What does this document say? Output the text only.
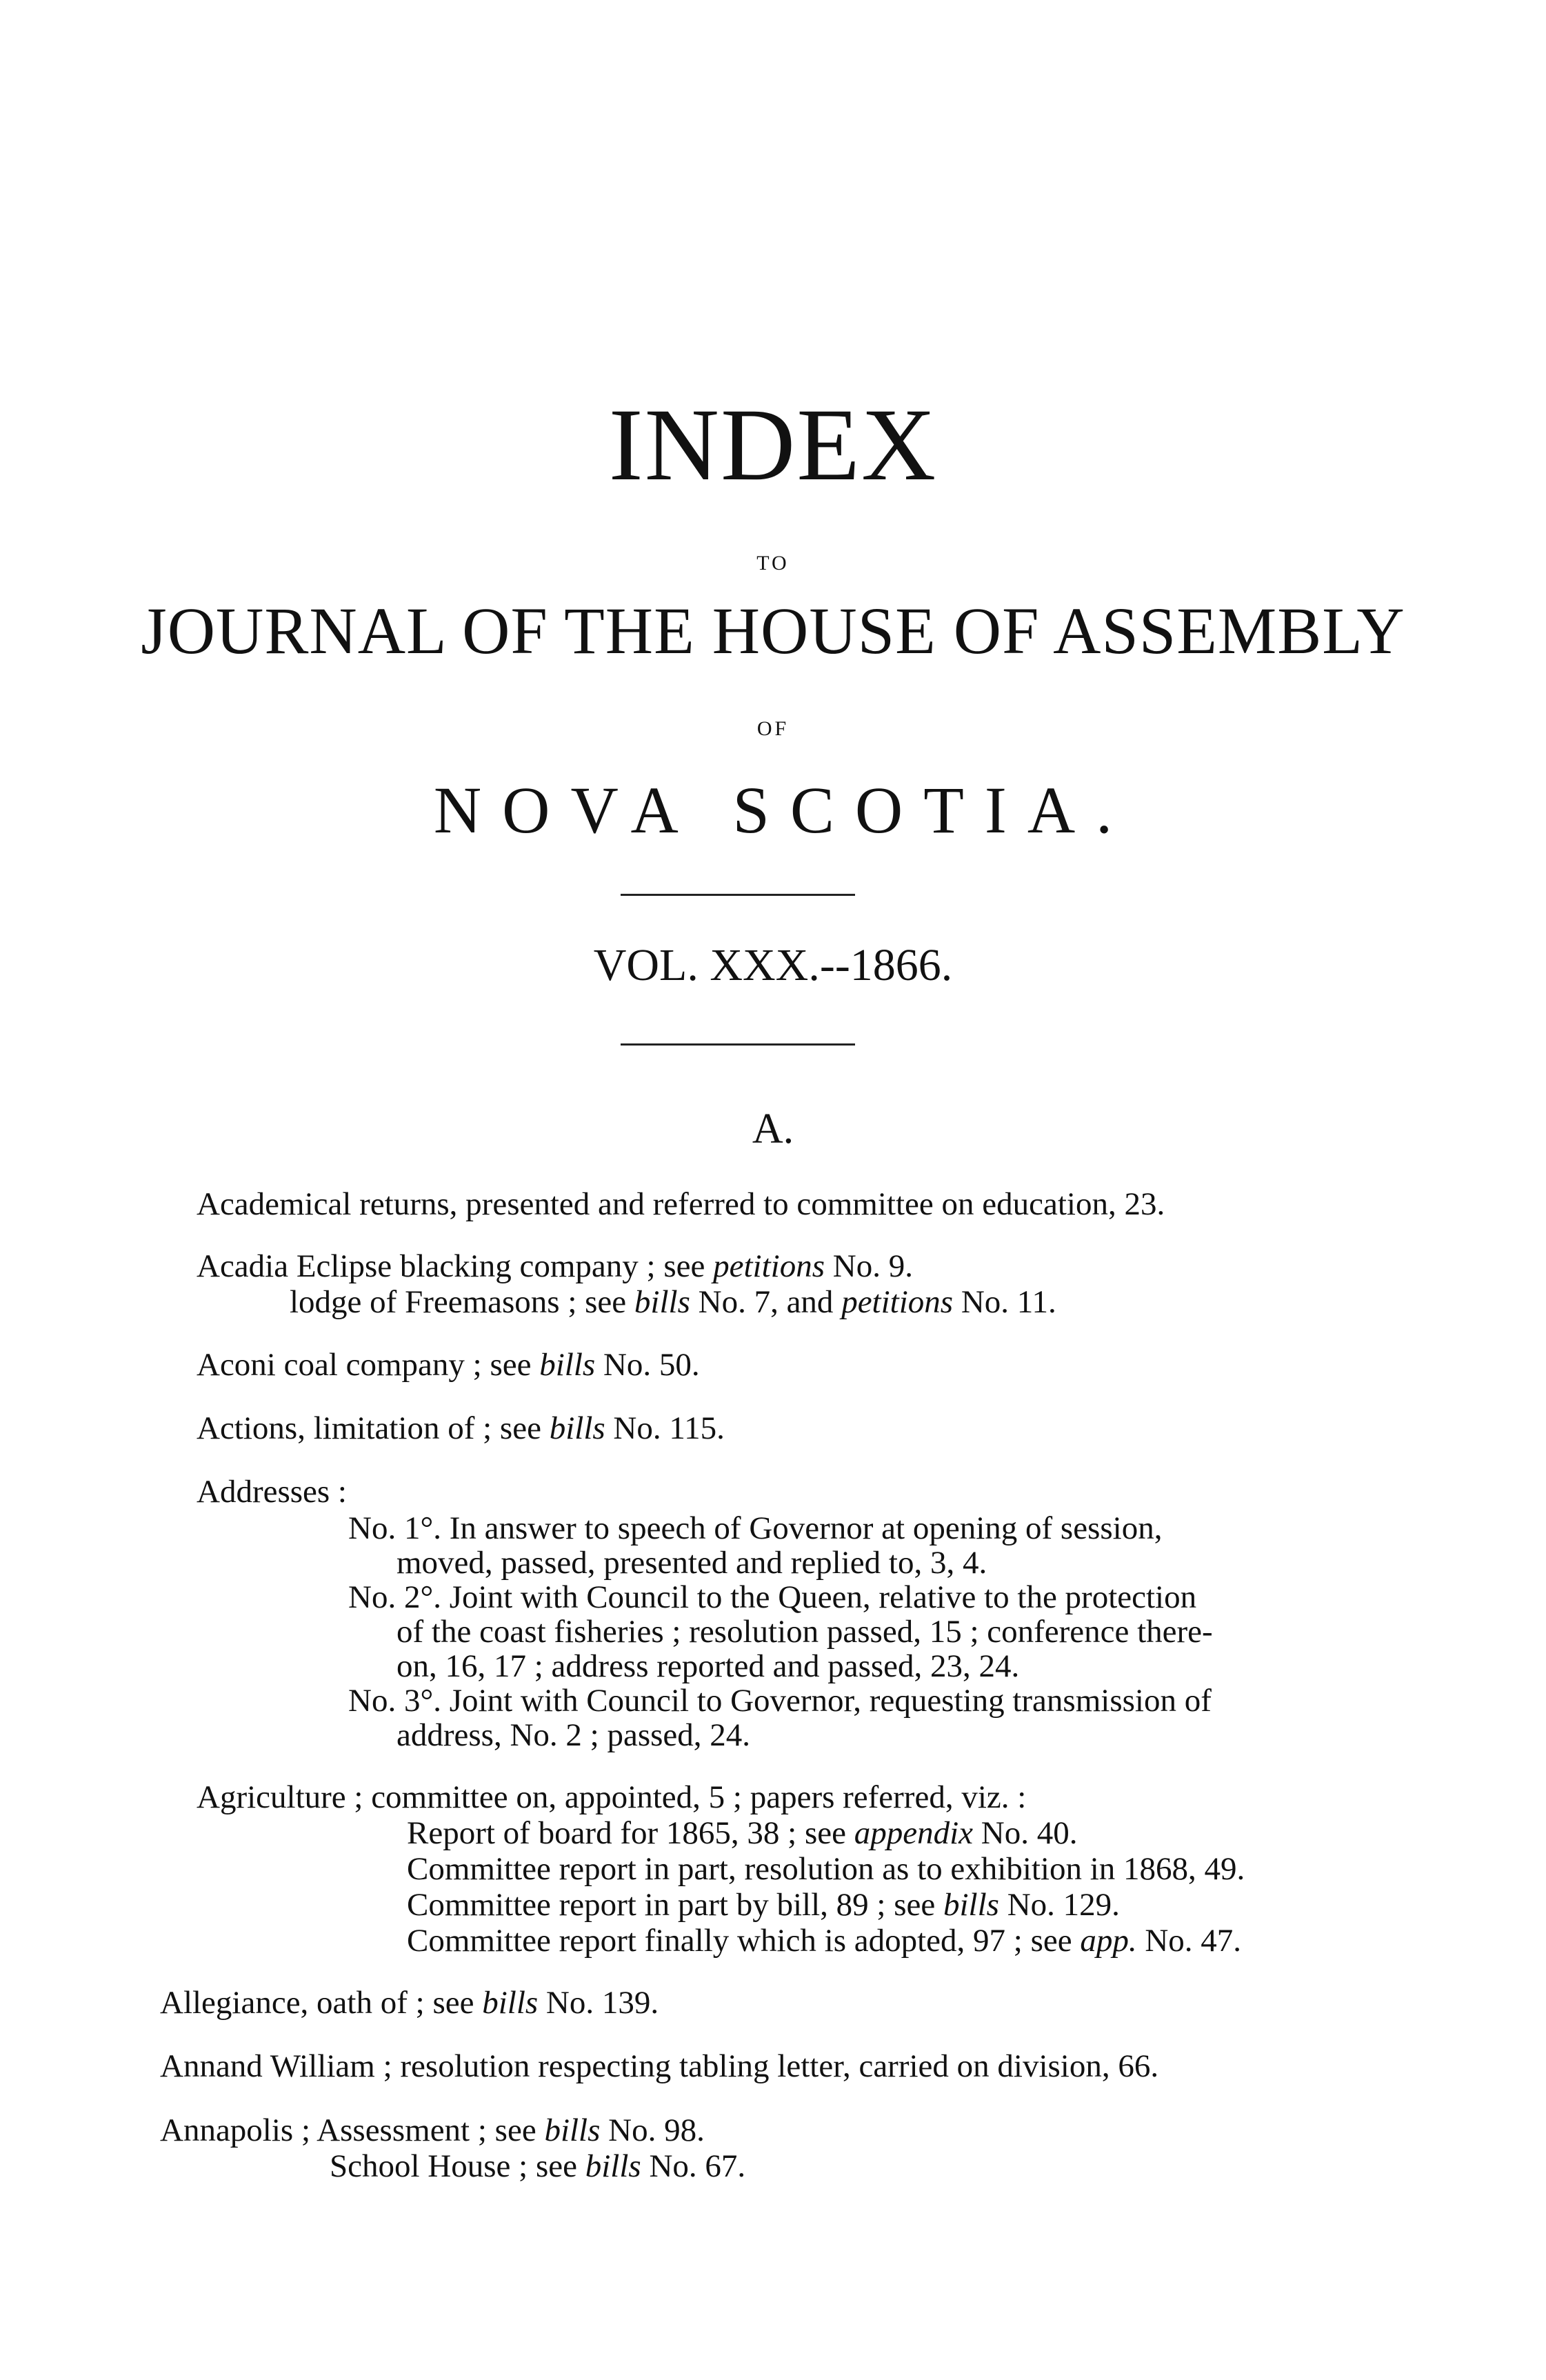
INDEX
TO
JOURNAL OF THE HOUSE OF ASSEMBLY
OF
NOVA SCOTIA.
VOL. XXX.--1866.
A.
Academical returns, presented and referred to committee on education, 23.
Acadia Eclipse blacking company ; see petitions No. 9.
lodge of Freemasons ; see bills No. 7, and petitions No. 11.
Aconi coal company ; see bills No. 50.
Actions, limitation of ; see bills No. 115.
Addresses :
No. 1°. In answer to speech of Governor at opening of session,
moved, passed, presented and replied to, 3, 4.
No. 2°. Joint with Council to the Queen, relative to the protection
of the coast fisheries ; resolution passed, 15 ; conference there-
on, 16, 17 ; address reported and passed, 23, 24.
No. 3°. Joint with Council to Governor, requesting transmission of
address, No. 2 ; passed, 24.
Agriculture ; committee on, appointed, 5 ; papers referred, viz. :
Report of board for 1865, 38 ; see appendix No. 40.
Committee report in part, resolution as to exhibition in 1868, 49.
Committee report in part by bill, 89 ; see bills No. 129.
Committee report finally which is adopted, 97 ; see app. No. 47.
Allegiance, oath of ; see bills No. 139.
Annand William ; resolution respecting tabling letter, carried on division, 66.
Annapolis ; Assessment ; see bills No. 98.
School House ; see bills No. 67.
